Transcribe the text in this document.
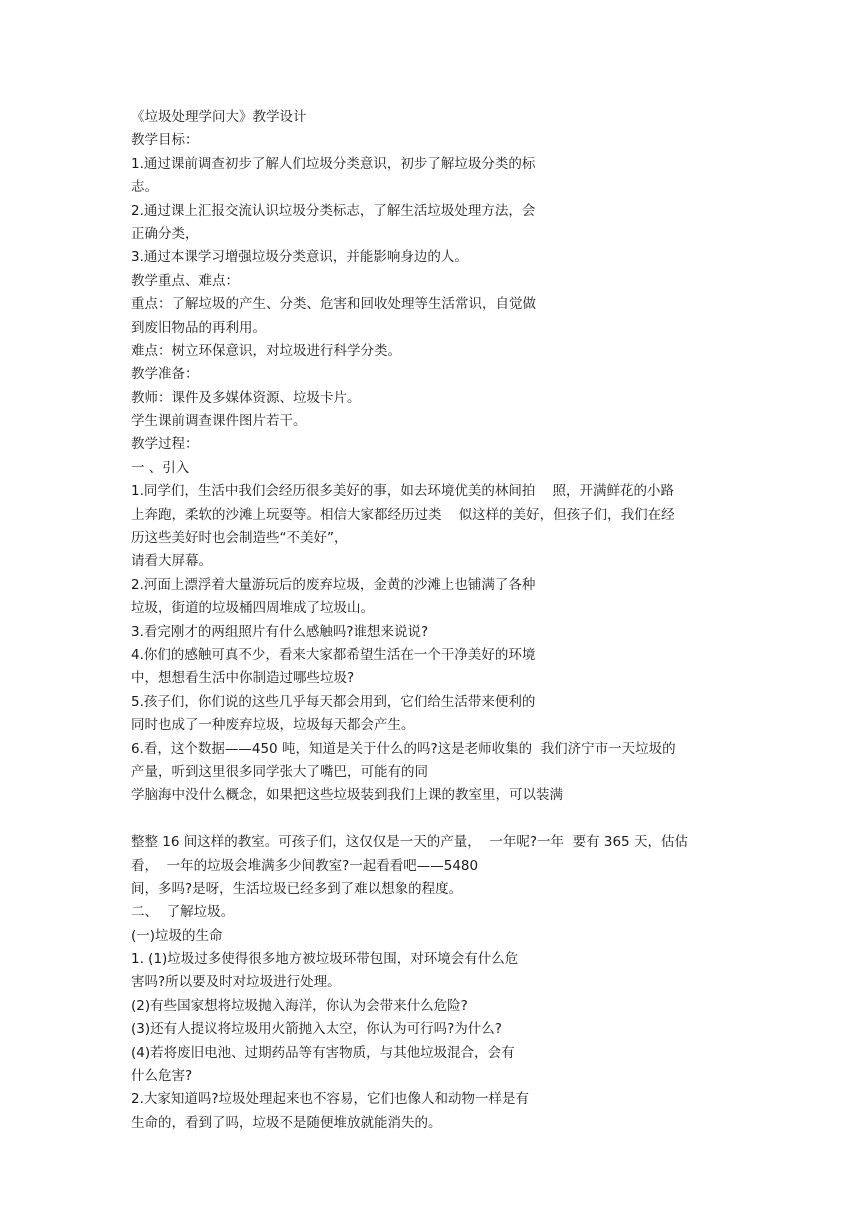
《垃圾处理学问大》教学设计
教学目标：
1.通过课前调查初步了解人们垃圾分类意识，初步了解垃圾分类的标
志。
2.通过课上汇报交流认识垃圾分类标志，了解生活垃圾处理方法，会
正确分类，
3.通过本课学习增强垃圾分类意识，并能影响身边的人。
教学重点、难点：
重点：了解垃圾的产生、分类、危害和回收处理等生活常识，自觉做
到废旧物品的再利用。
难点：树立环保意识，对垃圾进行科学分类。
教学准备：
教师：课件及多媒体资源、垃圾卡片。
学生课前调查课件图片若干。
教学过程：
一 、引入
1.同学们，生活中我们会经历很多美好的事，如去环境优美的林间拍    照，开满鲜花的小路
上奔跑，柔软的沙滩上玩耍等。相信大家都经历过类    似这样的美好，但孩子们，我们在经
历这些美好时也会制造些“不美好”，
请看大屏幕。
2.河面上漂浮着大量游玩后的废弃垃圾，金黄的沙滩上也铺满了各种
垃圾，街道的垃圾桶四周堆成了垃圾山。
3.看完刚才的两组照片有什么感触吗?谁想来说说?
4.你们的感触可真不少，看来大家都希望生活在一个干净美好的环境
中，想想看生活中你制造过哪些垃圾?
5.孩子们，你们说的这些几乎每天都会用到，它们给生活带来便利的
同时也成了一种废弃垃圾，垃圾每天都会产生。
6.看，这个数据——450 吨，知道是关于什么的吗?这是老师收集的  我们济宁市一天垃圾的
产量，听到这里很多同学张大了嘴巴，可能有的同
学脑海中没什么概念，如果把这些垃圾装到我们上课的教室里，可以装满
整整 16 间这样的教室。可孩子们，这仅仅是一天的产量，  一年呢?一年  要有 365 天，估估
看，  一年的垃圾会堆满多少间教室?一起看看吧——5480
间，多吗?是呀，生活垃圾已经多到了难以想象的程度。
二、  了解垃圾。
(一)垃圾的生命
1. (1)垃圾过多使得很多地方被垃圾环带包围，对环境会有什么危
害吗?所以要及时对垃圾进行处理。
(2)有些国家想将垃圾抛入海洋，你认为会带来什么危险?
(3)还有人提议将垃圾用火箭抛入太空，你认为可行吗?为什么?
(4)若将废旧电池、过期药品等有害物质，与其他垃圾混合，会有
什么危害?
2.大家知道吗?垃圾处理起来也不容易，它们也像人和动物一样是有
生命的，看到了吗，垃圾不是随便堆放就能消失的。
